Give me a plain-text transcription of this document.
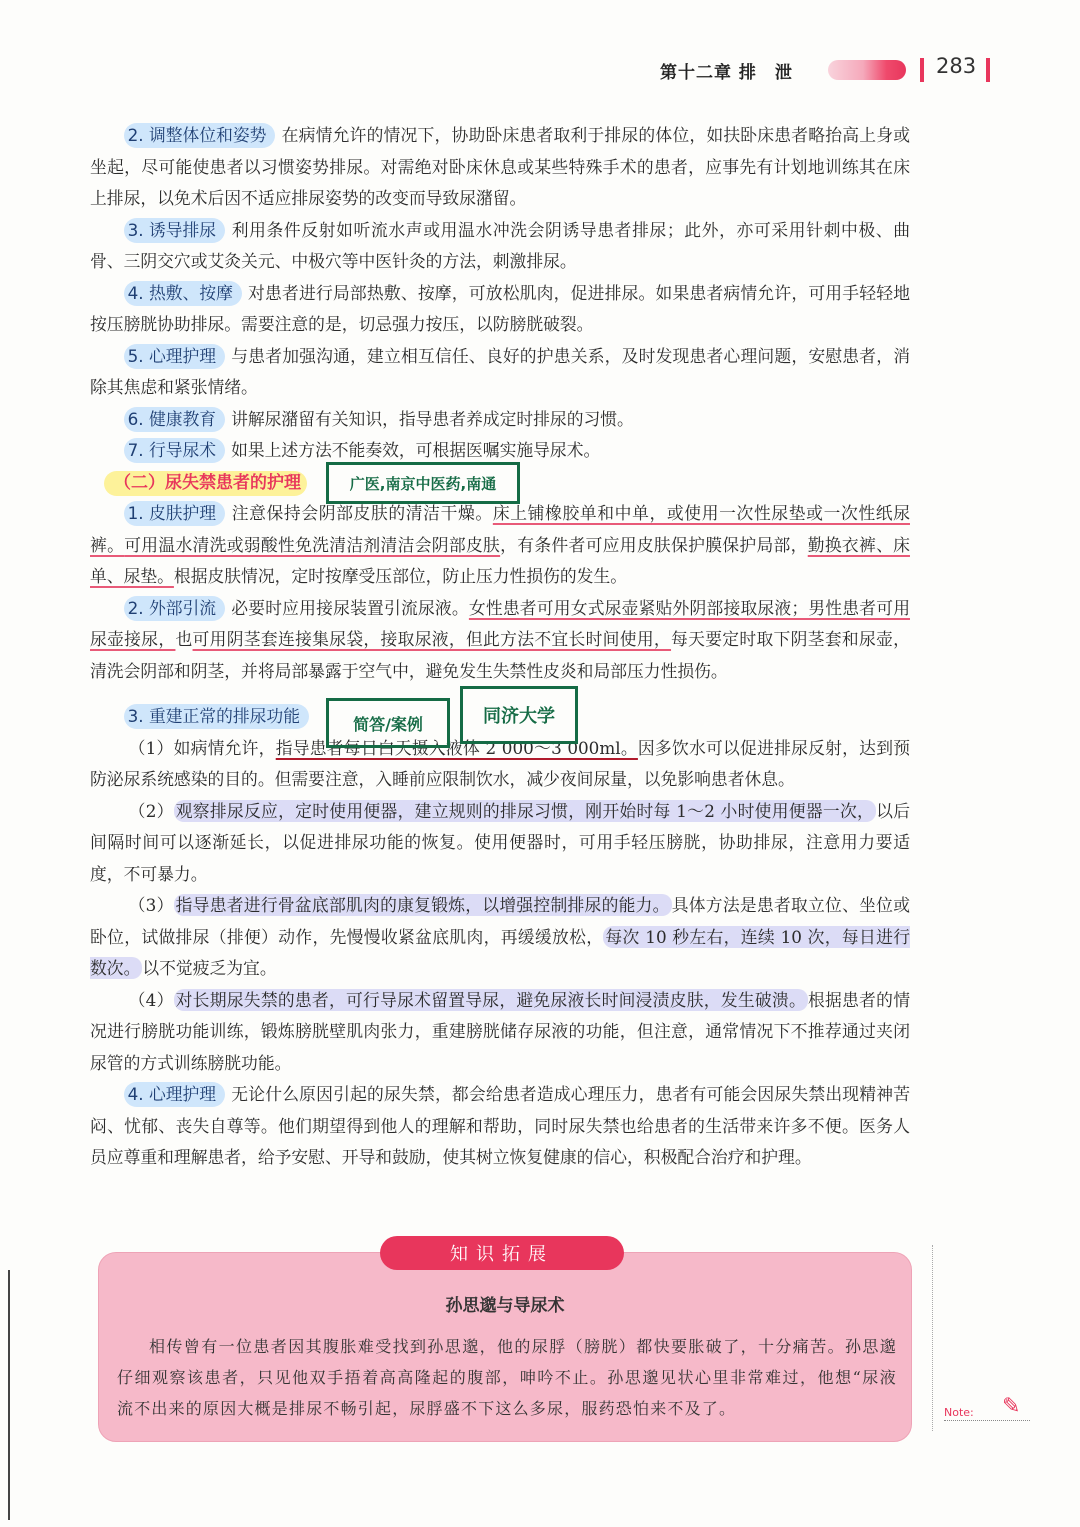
第十二章 排　泄	283

2. 调整体位和姿势 在病情允许的情况下，协助卧床患者取利于排尿的体位，如扶卧床患者略抬高上身或坐起，尽可能使患者以习惯姿势排尿。对需绝对卧床休息或某些特殊手术的患者，应事先有计划地训练其在床上排尿，以免术后因不适应排尿姿势的改变而导致尿潴留。

3. 诱导排尿 利用条件反射如听流水声或用温水冲洗会阴诱导患者排尿；此外，亦可采用针刺中极、曲骨、三阴交穴或艾灸关元、中极穴等中医针灸的方法，刺激排尿。

4. 热敷、按摩 对患者进行局部热敷、按摩，可放松肌肉，促进排尿。如果患者病情允许，可用手轻轻地按压膀胱协助排尿。需要注意的是，切忌强力按压，以防膀胱破裂。

5. 心理护理 与患者加强沟通，建立相互信任、良好的护患关系，及时发现患者心理问题，安慰患者，消除其焦虑和紧张情绪。

6. 健康教育 讲解尿潴留有关知识，指导患者养成定时排尿的习惯。

7. 行导尿术 如果上述方法不能奏效，可根据医嘱实施导尿术。

（二）尿失禁患者的护理

1. 皮肤护理 注意保持会阴部皮肤的清洁干燥。床上铺橡胶单和中单，或使用一次性尿垫或一次性纸尿裤。可用温水清洗或弱酸性免洗清洁剂清洁会阴部皮肤，有条件者可应用皮肤保护膜保护局部，勤换衣裤、床单、尿垫。根据皮肤情况，定时按摩受压部位，防止压力性损伤的发生。

2. 外部引流 必要时应用接尿装置引流尿液。女性患者可用女式尿壶紧贴外阴部接取尿液；男性患者可用尿壶接尿，也可用阴茎套连接集尿袋，接取尿液，但此方法不宜长时间使用，每天要定时取下阴茎套和尿壶，清洗会阴部和阴茎，并将局部暴露于空气中，避免发生失禁性皮炎和局部压力性损伤。

3. 重建正常的排尿功能

（1）如病情允许，指导患者每日白天摄入液体 2 000～3 000ml。因多饮水可以促进排尿反射，达到预防泌尿系统感染的目的。但需要注意，入睡前应限制饮水，减少夜间尿量，以免影响患者休息。

（2） 观察排尿反应，定时使用便器，建立规则的排尿习惯，刚开始时每 1～2 小时使用便器一次， 以后间隔时间可以逐渐延长，以促进排尿功能的恢复。使用便器时，可用手轻压膀胱，协助排尿，注意用力要适度，不可暴力。

（3） 指导患者进行骨盆底部肌肉的康复锻炼，以增强控制排尿的能力。 具体方法是患者取立位、坐位或卧位，试做排尿（排便）动作，先慢慢收紧盆底肌肉，再缓缓放松， 每次 10 秒左右，连续 10 次，每日进行数次。 以不觉疲乏为宜。

（4） 对长期尿失禁的患者，可行导尿术留置导尿，避免尿液长时间浸渍皮肤，发生破溃。 根据患者的情况进行膀胱功能训练，锻炼膀胱壁肌肉张力，重建膀胱储存尿液的功能，但注意，通常情况下不推荐通过夹闭尿管的方式训练膀胱功能。

4. 心理护理 无论什么原因引起的尿失禁，都会给患者造成心理压力，患者有可能会因尿失禁出现精神苦闷、忧郁、丧失自尊等。他们期望得到他人的理解和帮助，同时尿失禁也给患者的生活带来许多不便。医务人员应尊重和理解患者，给予安慰、开导和鼓励，使其树立恢复健康的信心，积极配合治疗和护理。

广医,南京中医药,南通
简答/案例	同济大学
孙思邈与导尿术
相传曾有一位患者因其腹胀难受找到孙思邈，他的尿脬（膀胱）都快要胀破了，十分痛苦。孙思邈仔细观察该患者，只见他双手捂着高高隆起的腹部，呻吟不止。孙思邈见状心里非常难过，他想“尿液流不出来的原因大概是排尿不畅引起，尿脬盛不下这么多尿，服药恐怕来不及了。
知识拓展
Note: ✎
